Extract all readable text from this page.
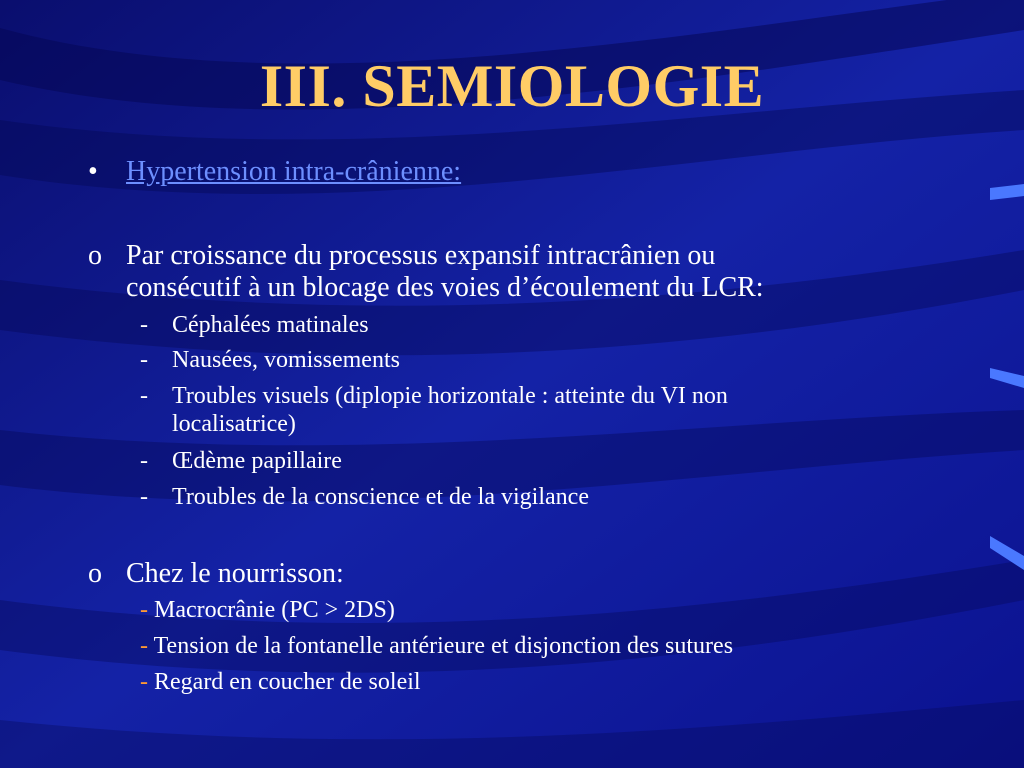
III. SEMIOLOGIE
• Hypertension intra-crânienne:
o Par croissance du processus expansif intracrânien ou
consécutif à un blocage des voies d’écoulement du LCR:
- Céphalées matinales
- Nausées, vomissements
- Troubles visuels (diplopie horizontale : atteinte du VI non
localisatrice)
- Œdème papillaire
- Troubles de la conscience et de la vigilance
o Chez le nourrisson:
- Macrocrânie (PC > 2DS)
- Tension de la fontanelle antérieure et disjonction des sutures
- Regard en coucher de soleil
